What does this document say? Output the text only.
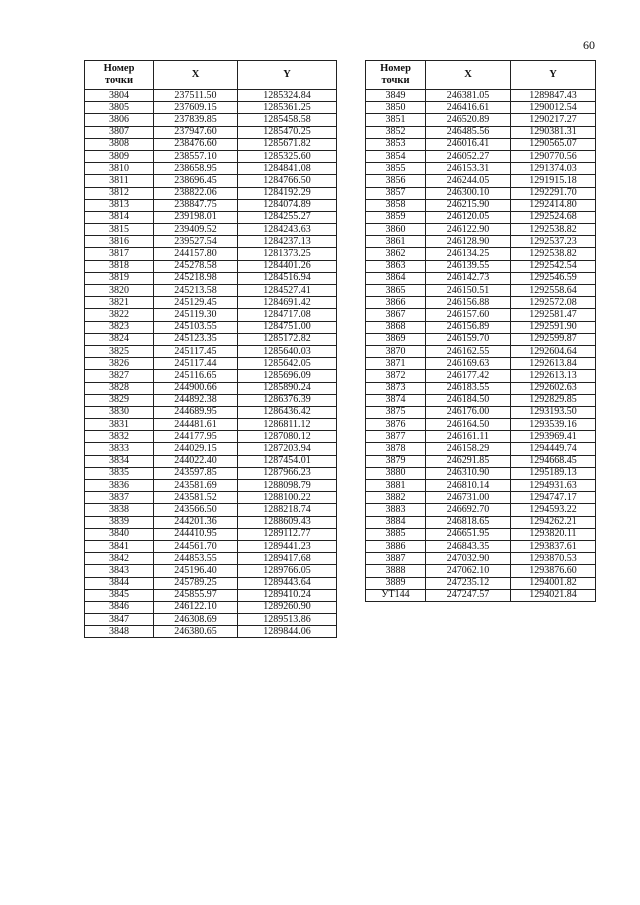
60
Номер
точки	X	Y
3804	237511.50	1285324.84
3805	237609.15	1285361.25
3806	237839.85	1285458.58
3807	237947.60	1285470.25
3808	238476.60	1285671.82
3809	238557.10	1285325.60
3810	238658.95	1284841.08
3811	238696.45	1284766.50
3812	238822.06	1284192.29
3813	238847.75	1284074.89
3814	239198.01	1284255.27
3815	239409.52	1284243.63
3816	239527.54	1284237.13
3817	244157.80	1281373.25
3818	245278.58	1284401.26
3819	245218.98	1284516.94
3820	245213.58	1284527.41
3821	245129.45	1284691.42
3822	245119.30	1284717.08
3823	245103.55	1284751.00
3824	245123.35	1285172.82
3825	245117.45	1285640.03
3826	245117.44	1285642.05
3827	245116.65	1285696.09
3828	244900.66	1285890.24
3829	244892.38	1286376.39
3830	244689.95	1286436.42
3831	244481.61	1286811.12
3832	244177.95	1287080.12
3833	244029.15	1287203.94
3834	244022.40	1287454.01
3835	243597.85	1287966.23
3836	243581.69	1288098.79
3837	243581.52	1288100.22
3838	243566.50	1288218.74
3839	244201.36	1288609.43
3840	244410.95	1289112.77
3841	244561.70	1289441.23
3842	244853.55	1289417.68
3843	245196.40	1289766.05
3844	245789.25	1289443.64
3845	245855.97	1289410.24
3846	246122.10	1289260.90
3847	246308.69	1289513.86
3848	246380.65	1289844.06
Номер
точки	X	Y
3849	246381.05	1289847.43
3850	246416.61	1290012.54
3851	246520.89	1290217.27
3852	246485.56	1290381.31
3853	246016.41	1290565.07
3854	246052.27	1290770.56
3855	246153.31	1291374.03
3856	246244.05	1291915.18
3857	246300.10	1292291.70
3858	246215.90	1292414.80
3859	246120.05	1292524.68
3860	246122.90	1292538.82
3861	246128.90	1292537.23
3862	246134.25	1292538.82
3863	246139.55	1292542.54
3864	246142.73	1292546.59
3865	246150.51	1292558.64
3866	246156.88	1292572.08
3867	246157.60	1292581.47
3868	246156.89	1292591.90
3869	246159.70	1292599.87
3870	246162.55	1292604.64
3871	246169.63	1292613.84
3872	246177.42	1292613.13
3873	246183.55	1292602.63
3874	246184.50	1292829.85
3875	246176.00	1293193.50
3876	246164.50	1293539.16
3877	246161.11	1293969.41
3878	246158.29	1294449.74
3879	246291.85	1294668.45
3880	246310.90	1295189.13
3881	246810.14	1294931.63
3882	246731.00	1294747.17
3883	246692.70	1294593.22
3884	246818.65	1294262.21
3885	246651.95	1293820.11
3886	246843.35	1293837.61
3887	247032.90	1293870.53
3888	247062.10	1293876.60
3889	247235.12	1294001.82
УТ144	247247.57	1294021.84
